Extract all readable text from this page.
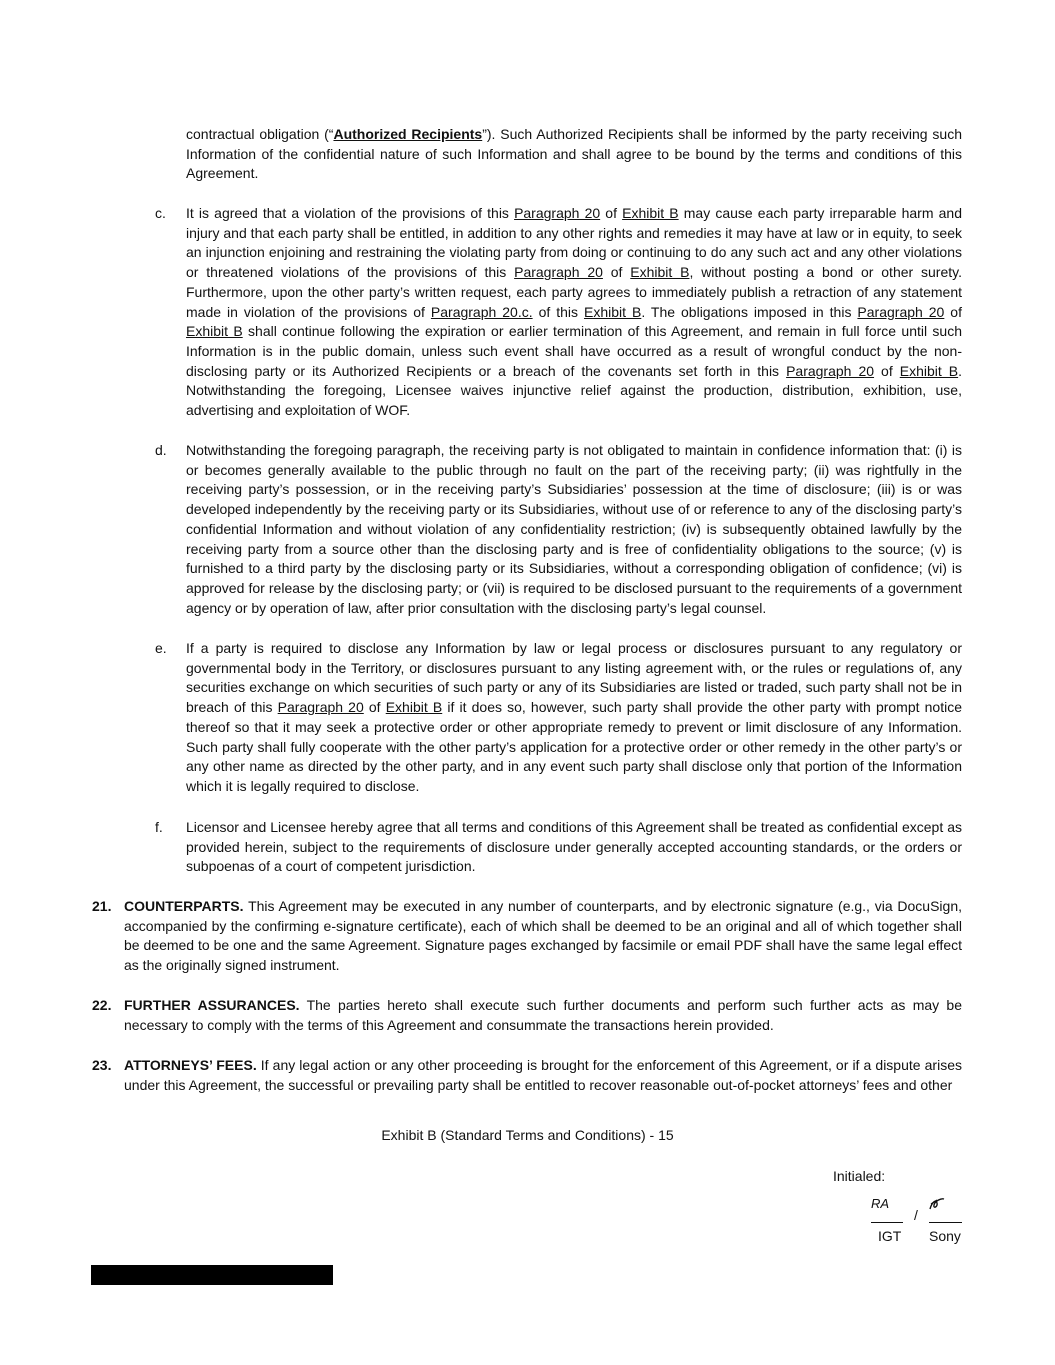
contractual obligation (“Authorized Recipients”). Such Authorized Recipients shall be informed by the party receiving such Information of the confidential nature of such Information and shall agree to be bound by the terms and conditions of this Agreement.

c. It is agreed that a violation of the provisions of this Paragraph 20 of Exhibit B may cause each party irreparable harm and injury and that each party shall be entitled, in addition to any other rights and remedies it may have at law or in equity, to seek an injunction enjoining and restraining the violating party from doing or continuing to do any such act and any other violations or threatened violations of the provisions of this Paragraph 20 of Exhibit B, without posting a bond or other surety. Furthermore, upon the other party’s written request, each party agrees to immediately publish a retraction of any statement made in violation of the provisions of Paragraph 20.c. of this Exhibit B. The obligations imposed in this Paragraph 20 of Exhibit B shall continue following the expiration or earlier termination of this Agreement, and remain in full force until such Information is in the public domain, unless such event shall have occurred as a result of wrongful conduct by the non-disclosing party or its Authorized Recipients or a breach of the covenants set forth in this Paragraph 20 of Exhibit B. Notwithstanding the foregoing, Licensee waives injunctive relief against the production, distribution, exhibition, use, advertising and exploitation of WOF.

d. Notwithstanding the foregoing paragraph, the receiving party is not obligated to maintain in confidence information that: (i) is or becomes generally available to the public through no fault on the part of the receiving party; (ii) was rightfully in the receiving party’s possession, or in the receiving party’s Subsidiaries’ possession at the time of disclosure; (iii) is or was developed independently by the receiving party or its Subsidiaries, without use of or reference to any of the disclosing party’s confidential Information and without violation of any confidentiality restriction; (iv) is subsequently obtained lawfully by the receiving party from a source other than the disclosing party and is free of confidentiality obligations to the source; (v) is furnished to a third party by the disclosing party or its Subsidiaries, without a corresponding obligation of confidence; (vi) is approved for release by the disclosing party; or (vii) is required to be disclosed pursuant to the requirements of a government agency or by operation of law, after prior consultation with the disclosing party’s legal counsel.

e. If a party is required to disclose any Information by law or legal process or disclosures pursuant to any regulatory or governmental body in the Territory, or disclosures pursuant to any listing agreement with, or the rules or regulations of, any securities exchange on which securities of such party or any of its Subsidiaries are listed or traded, such party shall not be in breach of this Paragraph 20 of Exhibit B if it does so, however, such party shall provide the other party with prompt notice thereof so that it may seek a protective order or other appropriate remedy to prevent or limit disclosure of any Information. Such party shall fully cooperate with the other party’s application for a protective order or other remedy in the other party’s or any other name as directed by the other party, and in any event such party shall disclose only that portion of the Information which it is legally required to disclose.

f. Licensor and Licensee hereby agree that all terms and conditions of this Agreement shall be treated as confidential except as provided herein, subject to the requirements of disclosure under generally accepted accounting standards, or the orders or subpoenas of a court of competent jurisdiction.

21. COUNTERPARTS. This Agreement may be executed in any number of counterparts, and by electronic signature (e.g., via DocuSign, accompanied by the confirming e-signature certificate), each of which shall be deemed to be an original and all of which together shall be deemed to be one and the same Agreement. Signature pages exchanged by facsimile or email PDF shall have the same legal effect as the originally signed instrument.

22. FURTHER ASSURANCES. The parties hereto shall execute such further documents and perform such further acts as may be necessary to comply with the terms of this Agreement and consummate the transactions herein provided.

23. ATTORNEYS’ FEES. If any legal action or any other proceeding is brought for the enforcement of this Agreement, or if a dispute arises under this Agreement, the successful or prevailing party shall be entitled to recover reasonable out-of-pocket attorneys’ fees and other

Exhibit B (Standard Terms and Conditions) - 15
Initialed:
RA
/
IGT Sony
